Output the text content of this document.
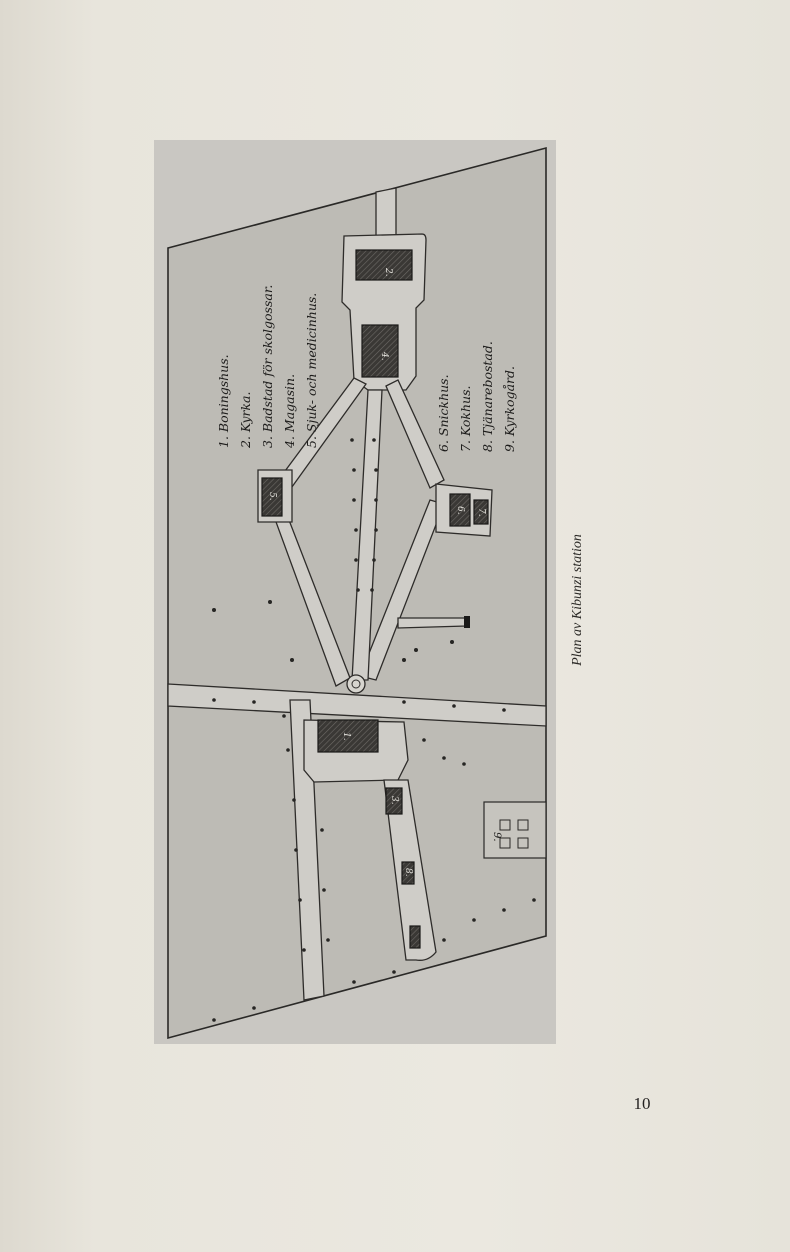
2.
4.
5.
6. 7.
1.
3.
8.
9.
1. Boningshus. 2. Kyrka. 3. Badstad för skolgossar. 4. Magasin. 5. Sjuk- och medicinhus.	6. Snickhus. 7. Kokhus. 8. Tjänarebostad. 9. Kyrkogård.
Plan av Kibunzi station
10
